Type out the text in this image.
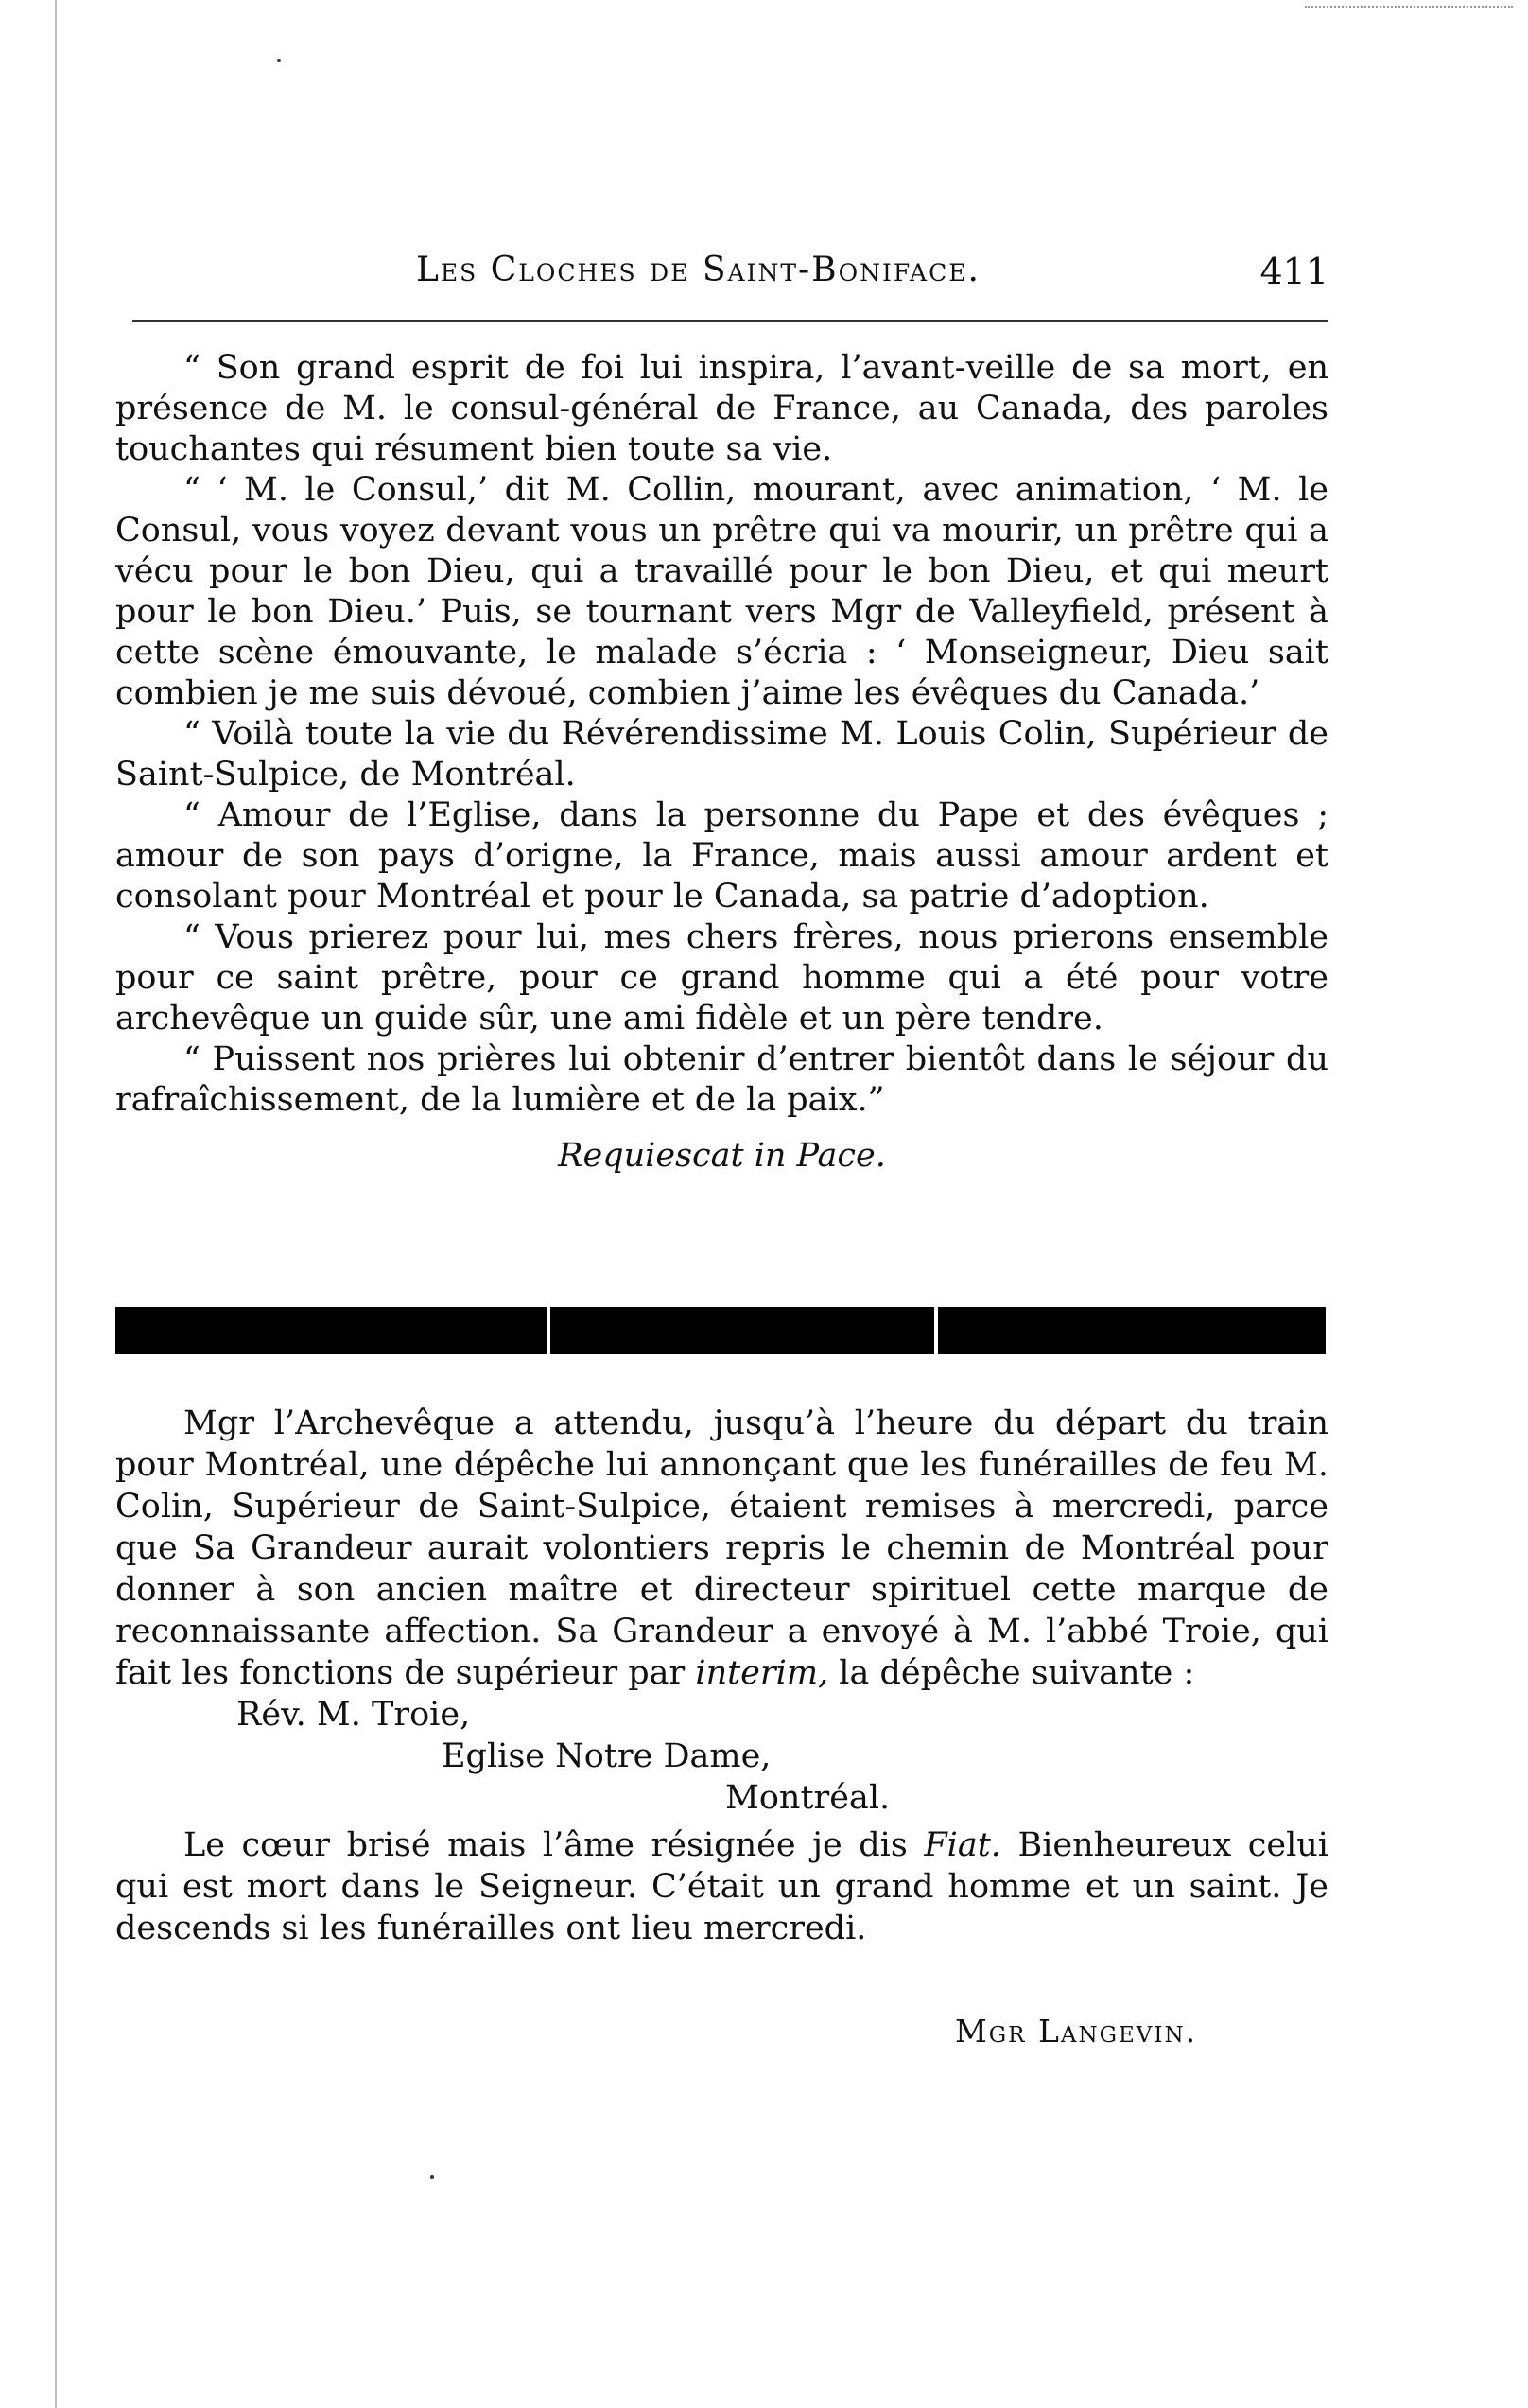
Les Cloches de Saint-Boniface.	411

“ Son grand esprit de foi lui inspira, l’avant-veille de sa mort, en présence de M. le consul-général de France, au Canada, des paroles touchantes qui résument bien toute sa vie.

“ ‘ M. le Consul,’ dit M. Collin, mourant, avec animation, ‘ M. le Consul, vous voyez devant vous un prêtre qui va mourir, un prêtre qui a vécu pour le bon Dieu, qui a travaillé pour le bon Dieu, et qui meurt pour le bon Dieu.’ Puis, se tournant vers Mgr de Valleyfield, présent à cette scène émouvante, le malade s’écria : ‘ Monseigneur, Dieu sait combien je me suis dévoué, combien j’aime les évêques du Canada.’

“ Voilà toute la vie du Révérendissime M. Louis Colin, Supérieur de Saint-Sulpice, de Montréal.

“ Amour de l’Eglise, dans la personne du Pape et des évêques ; amour de son pays d’origne, la France, mais aussi amour ardent et consolant pour Montréal et pour le Canada, sa patrie d’adoption.

“ Vous prierez pour lui, mes chers frères, nous prierons ensemble pour ce saint prêtre, pour ce grand homme qui a été pour votre archevêque un guide sûr, une ami fidèle et un père tendre.

“ Puissent nos prières lui obtenir d’entrer bientôt dans le séjour du rafraîchissement, de la lumière et de la paix.”

Requiescat in Pace.

Mgr l’Archevêque a attendu, jusqu’à l’heure du départ du train pour Montréal, une dépêche lui annonçant que les funérailles de feu M. Colin, Supérieur de Saint-Sulpice, étaient remises à mercredi, parce que Sa Grandeur aurait volontiers repris le chemin de Montréal pour donner à son ancien maître et directeur spirituel cette marque de reconnaissante affection. Sa Grandeur a envoyé à M. l’abbé Troie, qui fait les fonctions de supérieur par interim, la dépêche suivante :

Rév. M. Troie,
Eglise Notre Dame,
Montréal.

Le cœur brisé mais l’âme résignée je dis Fiat. Bienheureux celui qui est mort dans le Seigneur. C’était un grand homme et un saint. Je descends si les funérailles ont lieu mercredi.

Mgr Langevin.
